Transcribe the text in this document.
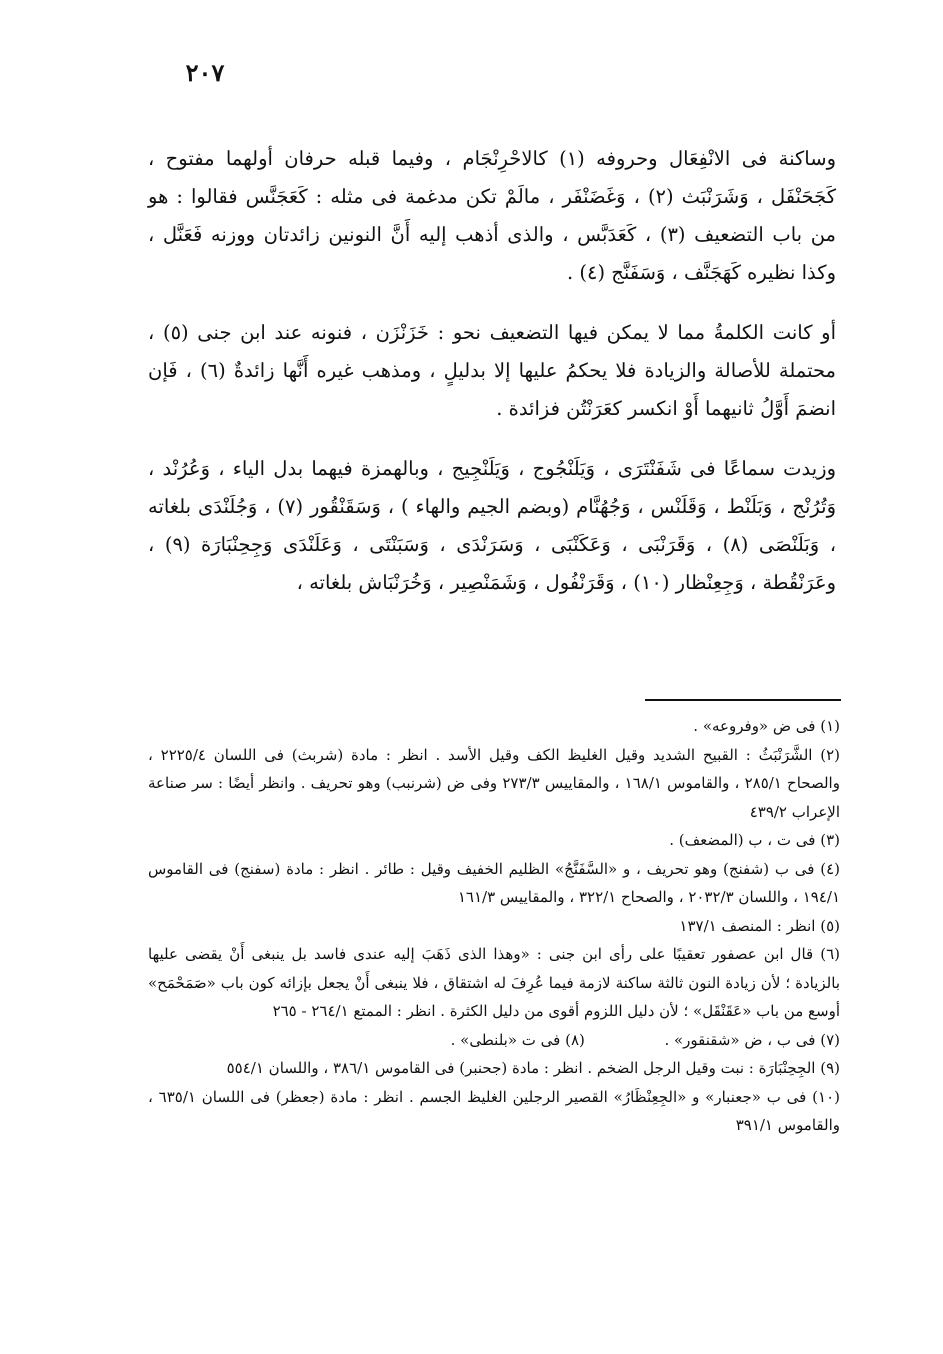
٢٠٧

وساكنة فى الانْفِعَال وحروفه (١) كالاحْرِنْجَام ، وفيما قبله حرفان أولهما مفتوح ، كَجَحَنْفَل ، وَشَرَنْبَث (٢) ، وَغَضَنْفَر ، مالَمْ تكن مدغمة فى مثله : كَعَجَنَّس فقالوا : هو من باب التضعيف (٣) ، كَعَدَبَّس ، والذى أذهب إليه أَنَّ النونين زائدتان ووزنه فَعَنَّل ، وكذا نظيره كَهَجَنَّف ، وَسَفَنَّج (٤) .

أو كانت الكلمةُ مما لا يمكن فيها التضعيف نحو : خَزَنْزَن ، فنونه عند ابن جنى (٥) ، محتملة للأصالة والزيادة فلا يحكمُ عليها إلا بدليلٍ ، ومذهب غيره أَنَّها زائدةٌ (٦) ، فَإن انضمَ أَوَّلُ ثانيهما أَوْ انكسر كعَرَنْتُن فزائدة .

وزيدت سماعًا فى شَفَنْتَرَى ، وَيَلَنْجُوج ، وَيَلَنْجِيج ، وبالهمزة فيهما بدل الياء ، وَعُرُنْد ، وَتُرُنْج ، وَبَلَنْط ، وَقَلَنْس ، وَجُهُنَّام (وبضم الجيم والهاء ) ، وَسَقَنْقُور (٧) ، وَجُلَنْدَى بلغاته ، وَبَلَنْصَى (٨) ، وَقَرَنْبَى ، وَعَكَنْبَى ، وَسَرَنْدَى ، وَسَبَنْتَى ، وَعَلَنْدَى وَجِحِنْبَارَة (٩) ، وعَرَنْقُطة ، وَجِعِنْظار (١٠) ، وَقَرَنْفُول ، وَشَمَنْصِير ، وَخُرَنْبَاش بلغاته ،

(١) فى ض «وفروعه» .

(٢) الشَّرَنْبَثُ : القبيح الشديد وقيل الغليظ الكف وقيل الأسد . انظر : مادة (شربث) فى اللسان ٢٢٢٥/٤ ، والصحاح ٢٨٥/١ ، والقاموس ١٦٨/١ ، والمقاييس ٢٧٣/٣ وفى ض (شرنبب) وهو تحريف . وانظر أيضًا : سر صناعة الإعراب ٤٣٩/٢

(٣) فى ت ، ب (المضعف) .

(٤) فى ب (شفنج) وهو تحريف ، و «السَّفَنَّجُ» الظليم الخفيف وقيل : طائر . انظر : مادة (سفنج) فى القاموس ١٩٤/١ ، واللسان ٢٠٣٢/٣ ، والصحاح ٣٢٢/١ ، والمقاييس ١٦١/٣

(٥) انظر : المنصف ١٣٧/١

(٦) قال ابن عصفور تعقيبًا على رأى ابن جنى : «وهذا الذى ذَهَبَ إليه عندى فاسد بل ينبغى أَنْ يقضى عليها بالزيادة ؛ لأن زيادة النون ثالثة ساكنة لازمة فيما عُرِفَ له اشتقاق ، فلا ينبغى أَنْ يجعل بإزائه كون باب «صَمَحْمَح» أوسع من باب «عَقَنْقَل» ؛ لأن دليل اللزوم أقوى من دليل الكثرة . انظر : الممتع ٢٦٤/١ - ٢٦٥

(٧) فى ب ، ض «شقنقور» .  (٨) فى ت «بلنطى» .

(٩) الجِحِنْبَارَة : نبت وقيل الرجل الضخم . انظر : مادة (جحنبر) فى القاموس ٣٨٦/١ ، واللسان ٥٥٤/١

(١٠) فى ب «جعنبار» و «الجِعِنْظَارُ» القصير الرجلين الغليظ الجسم . انظر : مادة (جعظر) فى اللسان ٦٣٥/١ ، والقاموس ٣٩١/١
